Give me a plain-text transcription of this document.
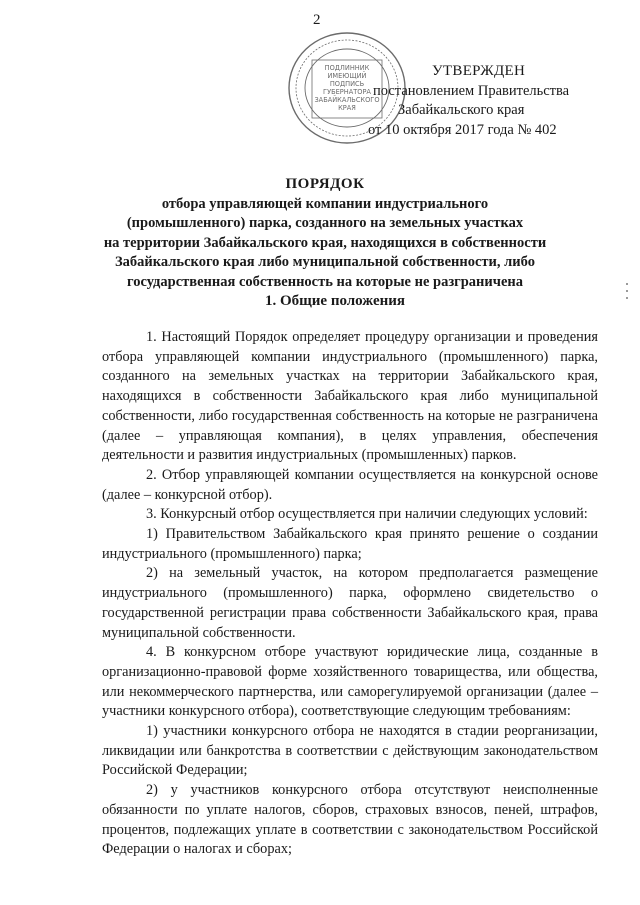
2
ПОДЛИННИК
ИМЕЮЩИЙ
ПОДПИСЬ
ГУБЕРНАТОРА
ЗАБАЙКАЛЬСКОГО
КРАЯ
УТВЕРЖДЕН
постановлением Правительства
Забайкальского края
от 10 октября 2017 года № 402
ПОРЯДОК
отбора управляющей компании индустриального
(промышленного) парка, созданного на земельных участках
на территории Забайкальского края, находящихся в собственности
Забайкальского края либо муниципальной собственности, либо
государственная собственность на которые не разграничена
1. Общие положения

1. Настоящий Порядок определяет процедуру организации и проведения отбора управляющей компании индустриального (промышленного) парка, созданного на земельных участках на территории Забайкальского края, находящихся в собственности Забайкальского края либо муниципальной собственности, либо государственная собственность на которые не разграничена (далее – управляющая компания), в целях управления, обеспечения деятельности и развития индустриальных (промышленных) парков.

2. Отбор управляющей компании осуществляется на конкурсной основе (далее – конкурсной отбор).

3. Конкурсный отбор осуществляется при наличии следующих условий:

1) Правительством Забайкальского края принято решение о создании индустриального (промышленного) парка;

2) на земельный участок, на котором предполагается размещение индустриального (промышленного) парка, оформлено свидетельство о государственной регистрации права собственности Забайкальского края, права муниципальной собственности.

4. В конкурсном отборе участвуют юридические лица, созданные в организационно-правовой форме хозяйственного товарищества, или общества, или некоммерческого партнерства, или саморегулируемой организации (далее – участники конкурсного отбора), соответствующие следующим требованиям:

1) участники конкурсного отбора не находятся в стадии реорганизации, ликвидации или банкротства в соответствии с действующим законодательством Российской Федерации;

2) у участников конкурсного отбора отсутствуют неисполненные обязанности по уплате налогов, сборов, страховых взносов, пеней, штрафов, процентов, подлежащих уплате в соответствии с законодательством Российской Федерации о налогах и сборах;
